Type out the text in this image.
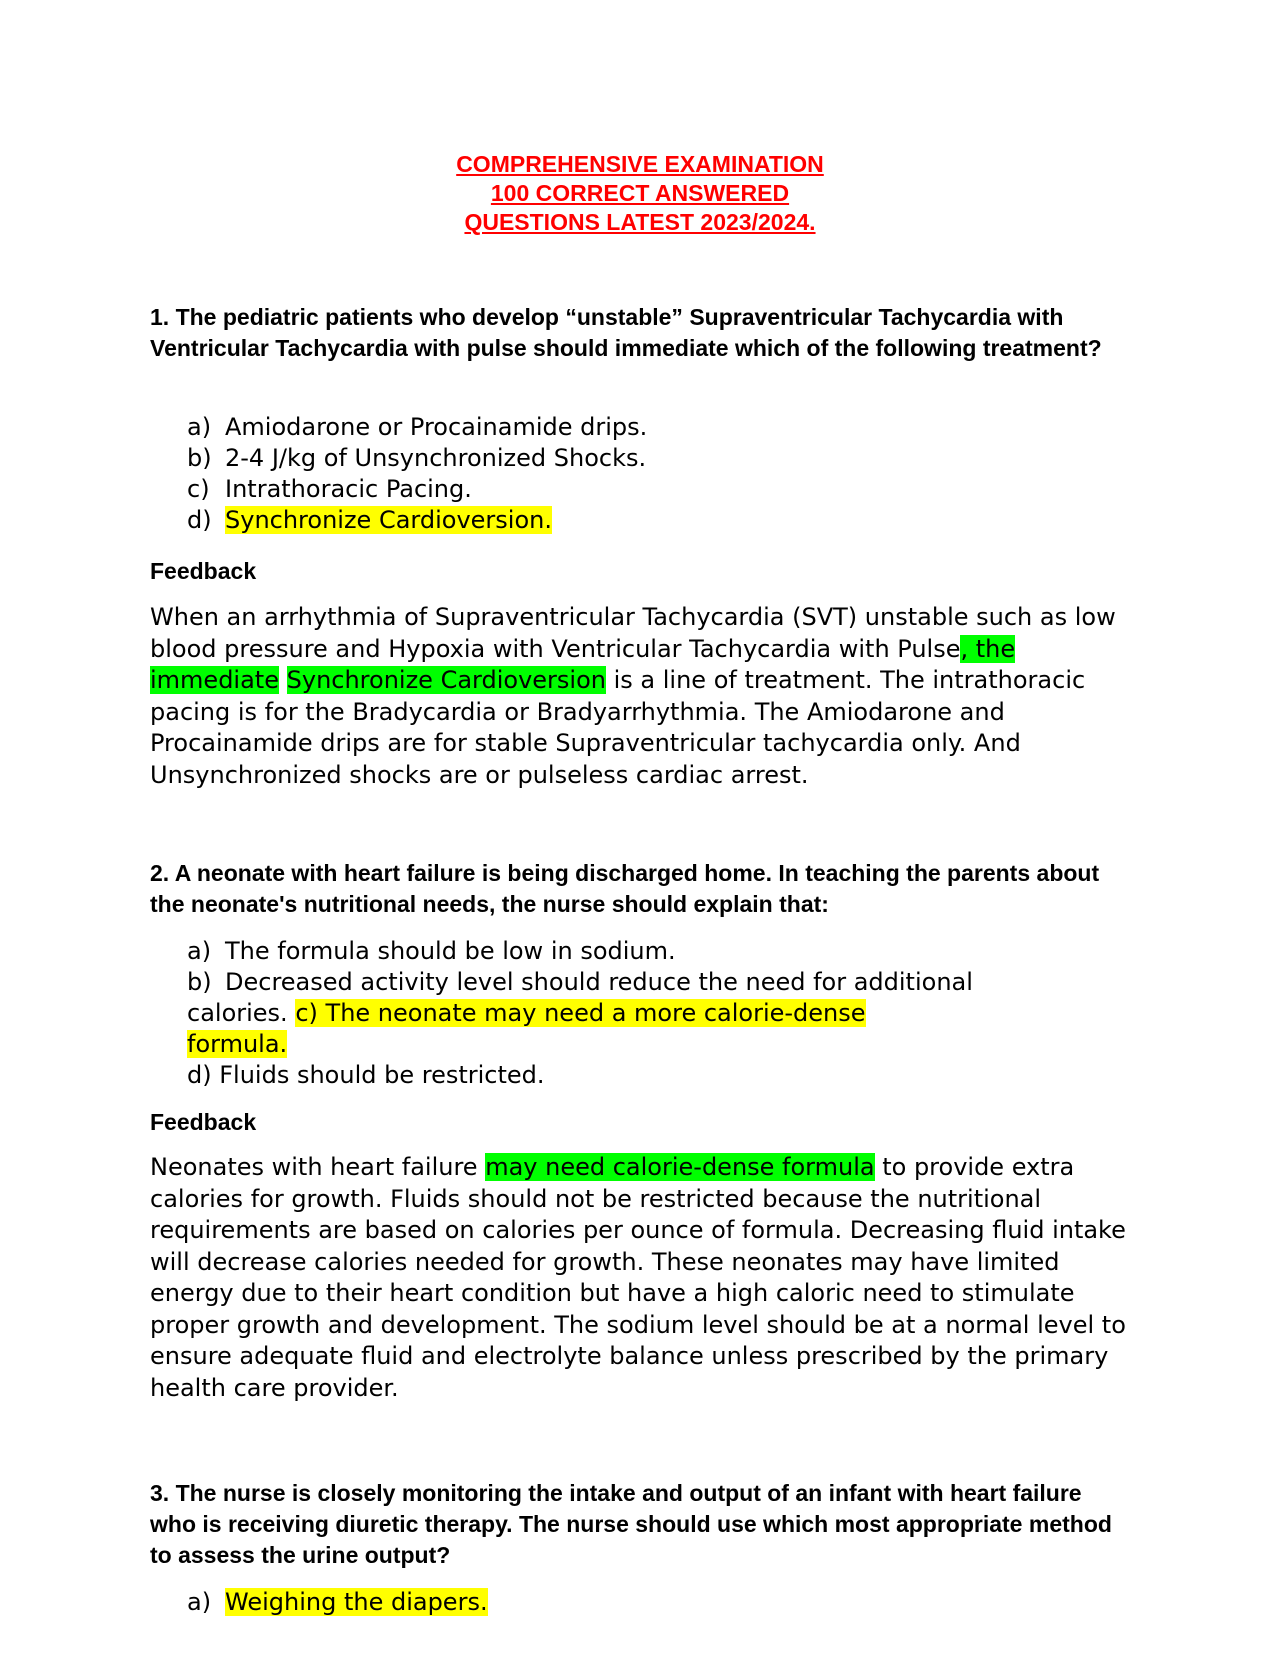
COMPREHENSIVE EXAMINATION
100 CORRECT ANSWERED
QUESTIONS LATEST 2023/2024.
1. The pediatric patients who develop “unstable” Supraventricular Tachycardia with Ventricular Tachycardia with pulse should immediate which of the following treatment?
a) Amiodarone or Procainamide drips.
b) 2-4 J/kg of Unsynchronized Shocks.
c) Intrathoracic Pacing.
d) Synchronize Cardioversion.
Feedback
When an arrhythmia of Supraventricular Tachycardia (SVT) unstable such as low blood pressure and Hypoxia with Ventricular Tachycardia with Pulse, the immediate Synchronize Cardioversion is a line of treatment. The intrathoracic pacing is for the Bradycardia or Bradyarrhythmia. The Amiodarone and Procainamide drips are for stable Supraventricular tachycardia only. And Unsynchronized shocks are or pulseless cardiac arrest.
2. A neonate with heart failure is being discharged home. In teaching the parents about the neonate's nutritional needs, the nurse should explain that:
a) The formula should be low in sodium.
b) Decreased activity level should reduce the need for additional
calories. c) The neonate may need a more calorie-dense
formula.
d) Fluids should be restricted.
Feedback
Neonates with heart failure may need calorie-dense formula to provide extra calories for growth. Fluids should not be restricted because the nutritional requirements are based on calories per ounce of formula. Decreasing fluid intake will decrease calories needed for growth. These neonates may have limited energy due to their heart condition but have a high caloric need to stimulate proper growth and development. The sodium level should be at a normal level to ensure adequate fluid and electrolyte balance unless prescribed by the primary health care provider.
3. The nurse is closely monitoring the intake and output of an infant with heart failure who is receiving diuretic therapy. The nurse should use which most appropriate method to assess the urine output?
a) Weighing the diapers.
